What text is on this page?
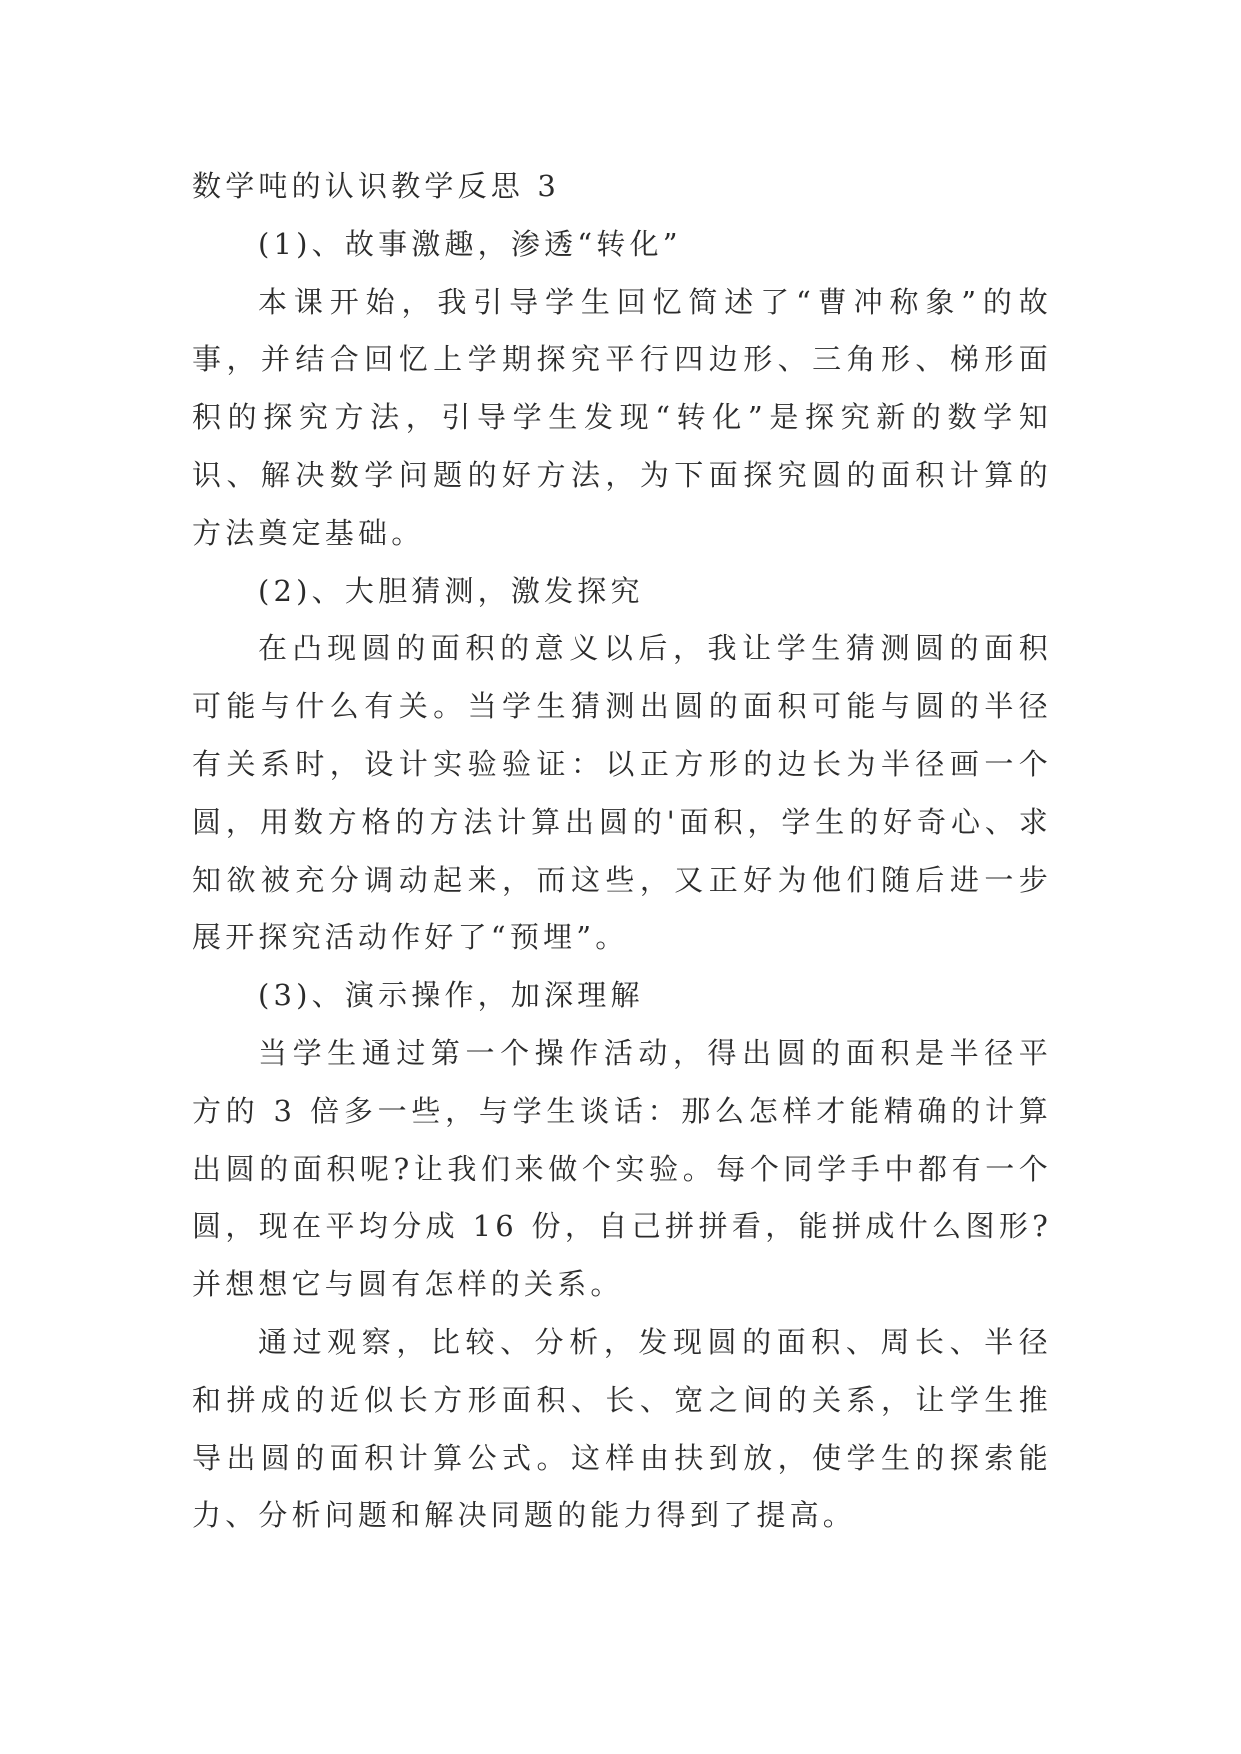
数学吨的认识教学反思 3

(1)、故事激趣，渗透“转化”

本课开始，我引导学生回忆简述了“曹冲称象”的故事，并结合回忆上学期探究平行四边形、三角形、梯形面积的探究方法，引导学生发现“转化”是探究新的数学知识、解决数学问题的好方法，为下面探究圆的面积计算的方法奠定基础。

(2)、大胆猜测，激发探究

在凸现圆的面积的意义以后，我让学生猜测圆的面积可能与什么有关。当学生猜测出圆的面积可能与圆的半径有关系时，设计实验验证：以正方形的边长为半径画一个圆，用数方格的方法计算出圆的'面积，学生的好奇心、求知欲被充分调动起来，而这些，又正好为他们随后进一步展开探究活动作好了“预埋”。

(3)、演示操作，加深理解

当学生通过第一个操作活动，得出圆的面积是半径平方的 3 倍多一些，与学生谈话：那么怎样才能精确的计算出圆的面积呢?让我们来做个实验。每个同学手中都有一个圆，现在平均分成 16 份，自己拼拼看，能拼成什么图形?并想想它与圆有怎样的关系。

通过观察，比较、分析，发现圆的面积、周长、半径和拼成的近似长方形面积、长、宽之间的关系，让学生推导出圆的面积计算公式。这样由扶到放，使学生的探索能力、分析问题和解决同题的能力得到了提高。
